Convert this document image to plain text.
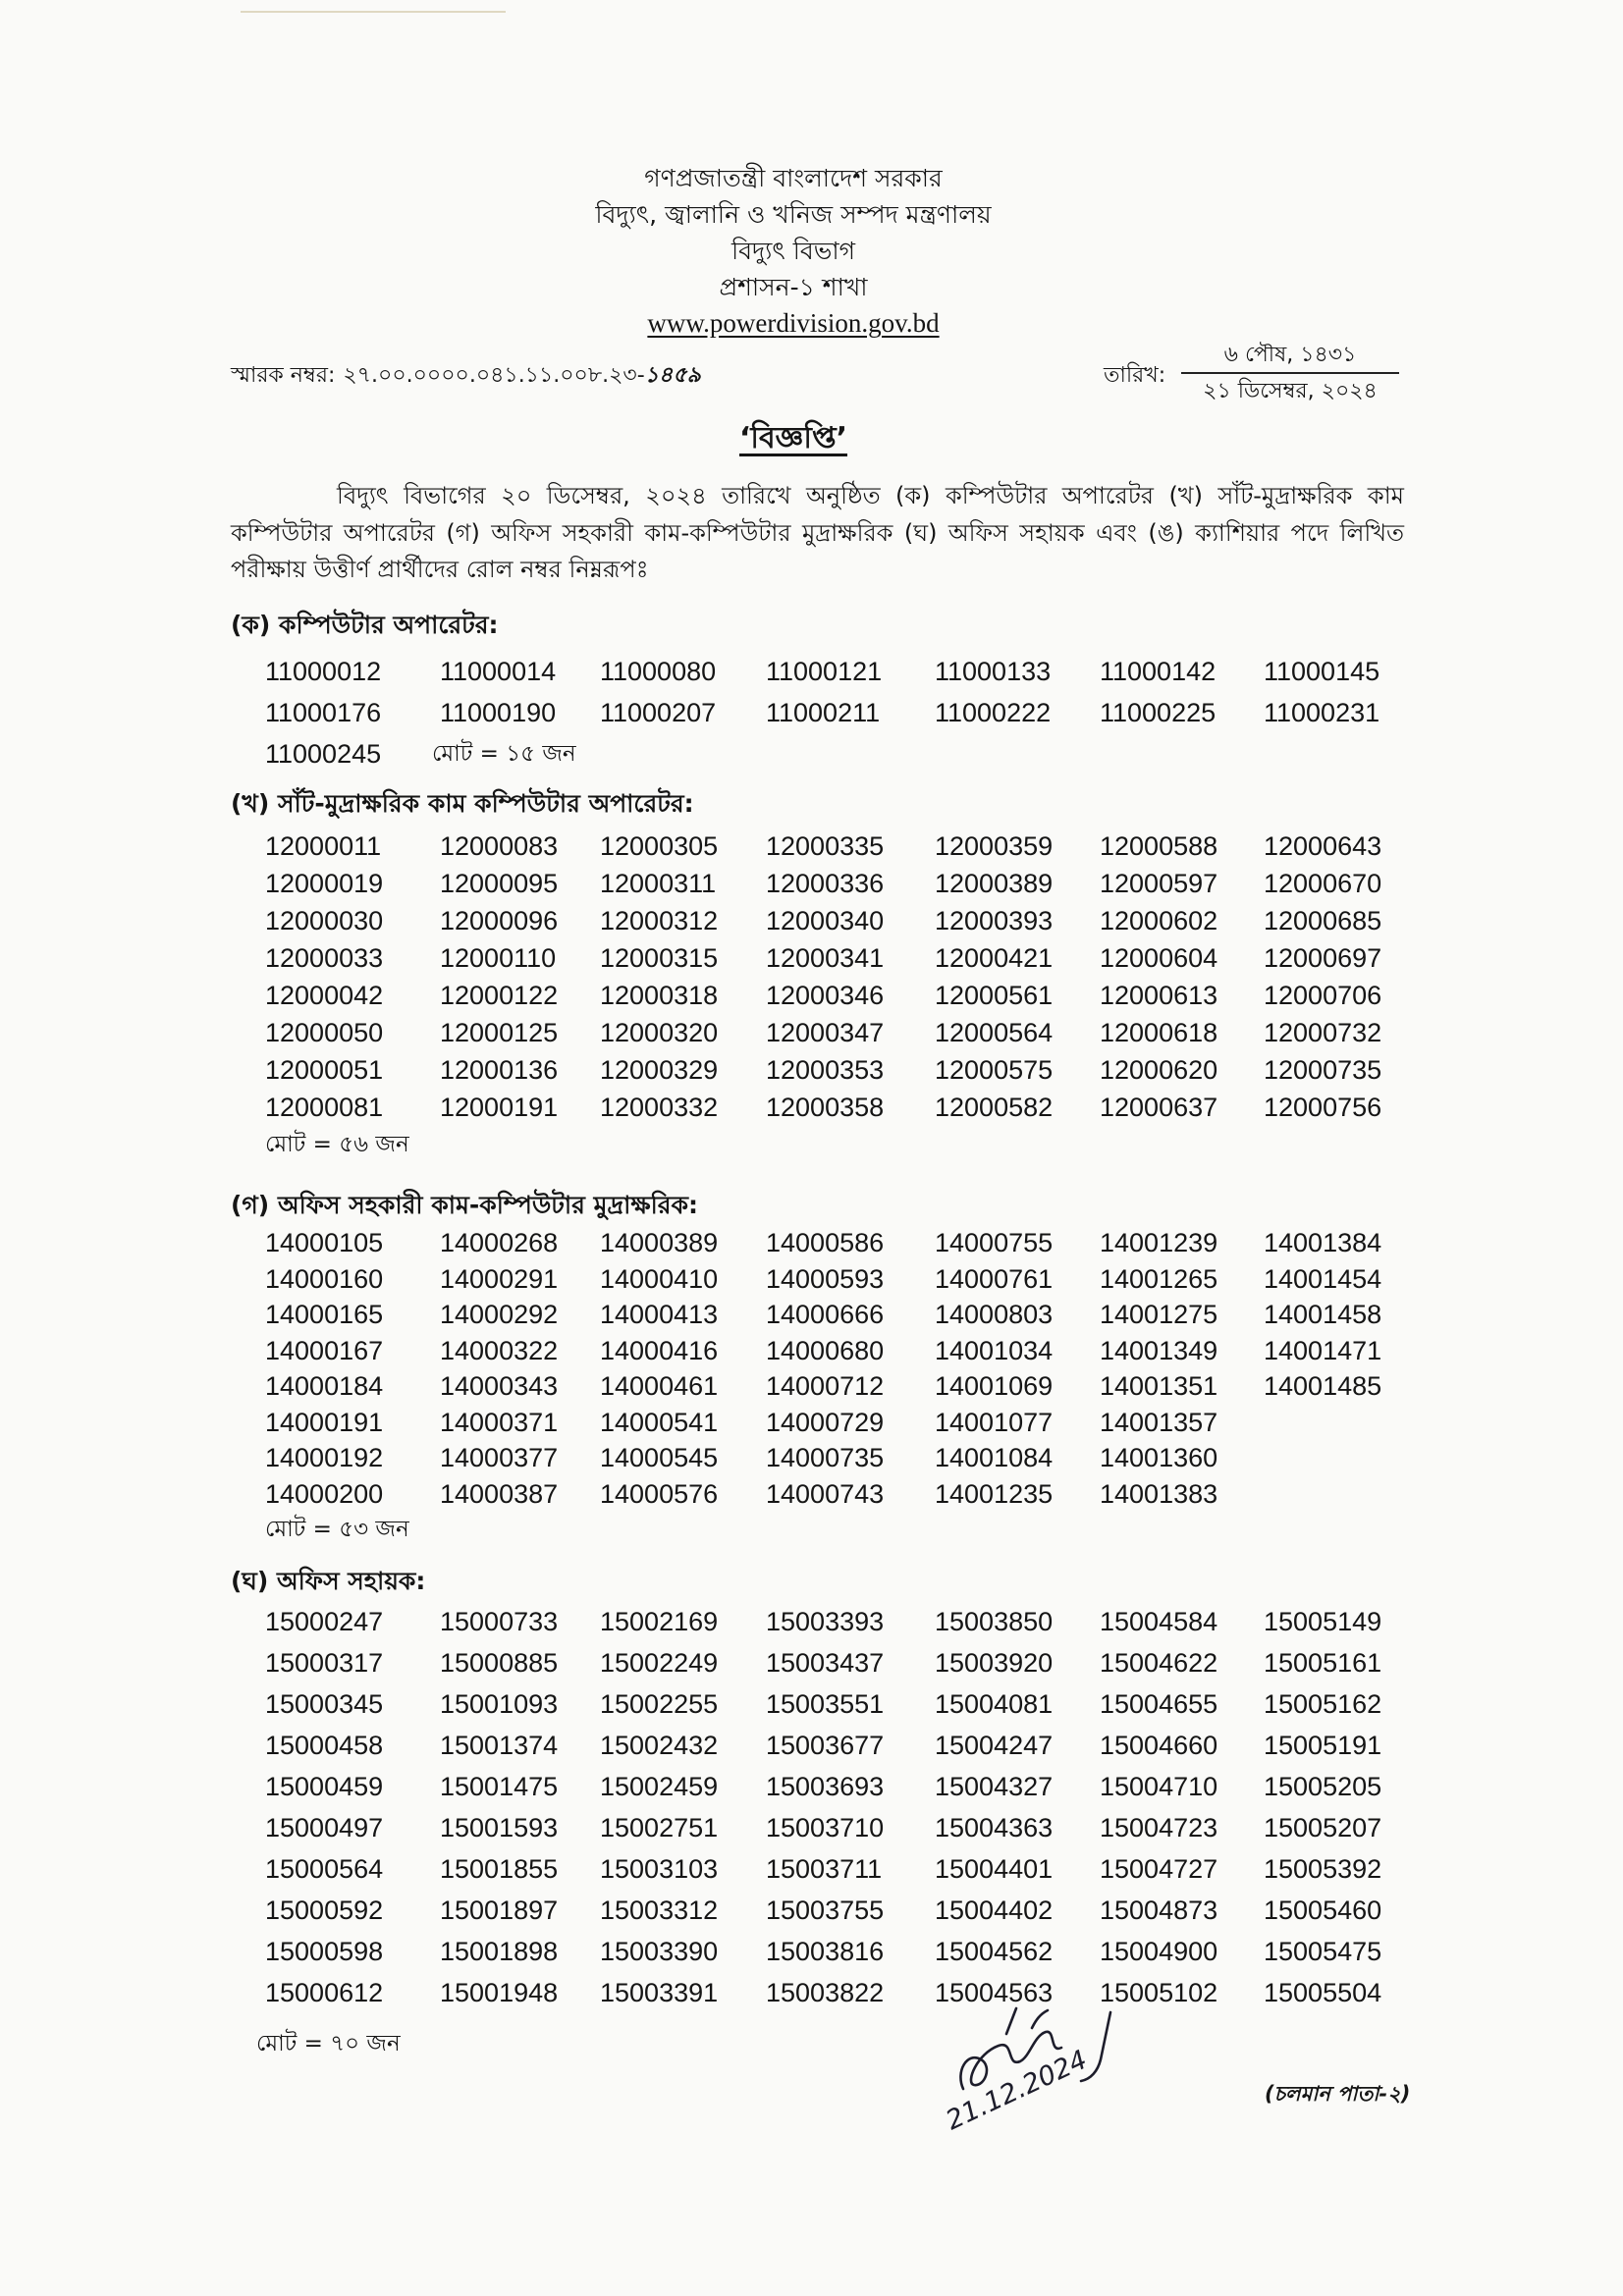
গণপ্রজাতন্ত্রী বাংলাদেশ সরকার
বিদ্যুৎ, জ্বালানি ও খনিজ সম্পদ মন্ত্রণালয়
বিদ্যুৎ বিভাগ
প্রশাসন-১ শাখা
www.powerdivision.gov.bd
স্মারক নম্বর: ২৭.০০.০০০০.০৪১.১১.০০৮.২৩-১৪৫৯	তারিখ:
৬ পৌষ, ১৪৩১
২১ ডিসেম্বর, ২০২৪
‘বিজ্ঞপ্তি’

বিদ্যুৎ বিভাগের ২০ ডিসেম্বর, ২০২৪ তারিখে অনুষ্ঠিত (ক) কম্পিউটার অপারেটর (খ) সাঁট-মুদ্রাক্ষরিক কাম কম্পিউটার অপারেটর (গ) অফিস সহকারী কাম-কম্পিউটার মুদ্রাক্ষরিক (ঘ) অফিস সহায়ক এবং (ঙ) ক্যাশিয়ার পদে লিখিত পরীক্ষায় উত্তীর্ণ প্রার্থীদের রোল নম্বর নিম্নরূপঃ

(ক) কম্পিউটার অপারেটর:
মোট = ১৫ জন
11000012	11000014	11000080	11000121	11000133	11000142	11000145
11000176	11000190	11000207	11000211	11000222	11000225	11000231
11000245
(খ) সাঁট-মুদ্রাক্ষরিক কাম কম্পিউটার অপারেটর:
মোট = ৫৬ জন
12000011	12000083	12000305	12000335	12000359	12000588	12000643
12000019	12000095	12000311	12000336	12000389	12000597	12000670
12000030	12000096	12000312	12000340	12000393	12000602	12000685
12000033	12000110	12000315	12000341	12000421	12000604	12000697
12000042	12000122	12000318	12000346	12000561	12000613	12000706
12000050	12000125	12000320	12000347	12000564	12000618	12000732
12000051	12000136	12000329	12000353	12000575	12000620	12000735
12000081	12000191	12000332	12000358	12000582	12000637	12000756
(গ) অফিস সহকারী কাম-কম্পিউটার মুদ্রাক্ষরিক:
মোট = ৫৩ জন
14000105	14000268	14000389	14000586	14000755	14001239	14001384
14000160	14000291	14000410	14000593	14000761	14001265	14001454
14000165	14000292	14000413	14000666	14000803	14001275	14001458
14000167	14000322	14000416	14000680	14001034	14001349	14001471
14000184	14000343	14000461	14000712	14001069	14001351	14001485
14000191	14000371	14000541	14000729	14001077	14001357
14000192	14000377	14000545	14000735	14001084	14001360
14000200	14000387	14000576	14000743	14001235	14001383
(ঘ) অফিস সহায়ক:
মোট = ৭০ জন
15000247	15000733	15002169	15003393	15003850	15004584	15005149
15000317	15000885	15002249	15003437	15003920	15004622	15005161
15000345	15001093	15002255	15003551	15004081	15004655	15005162
15000458	15001374	15002432	15003677	15004247	15004660	15005191
15000459	15001475	15002459	15003693	15004327	15004710	15005205
15000497	15001593	15002751	15003710	15004363	15004723	15005207
15000564	15001855	15003103	15003711	15004401	15004727	15005392
15000592	15001897	15003312	15003755	15004402	15004873	15005460
15000598	15001898	15003390	15003816	15004562	15004900	15005475
15000612	15001948	15003391	15003822	15004563	15005102	15005504
21.12.2024	(চলমান পাতা-২)
